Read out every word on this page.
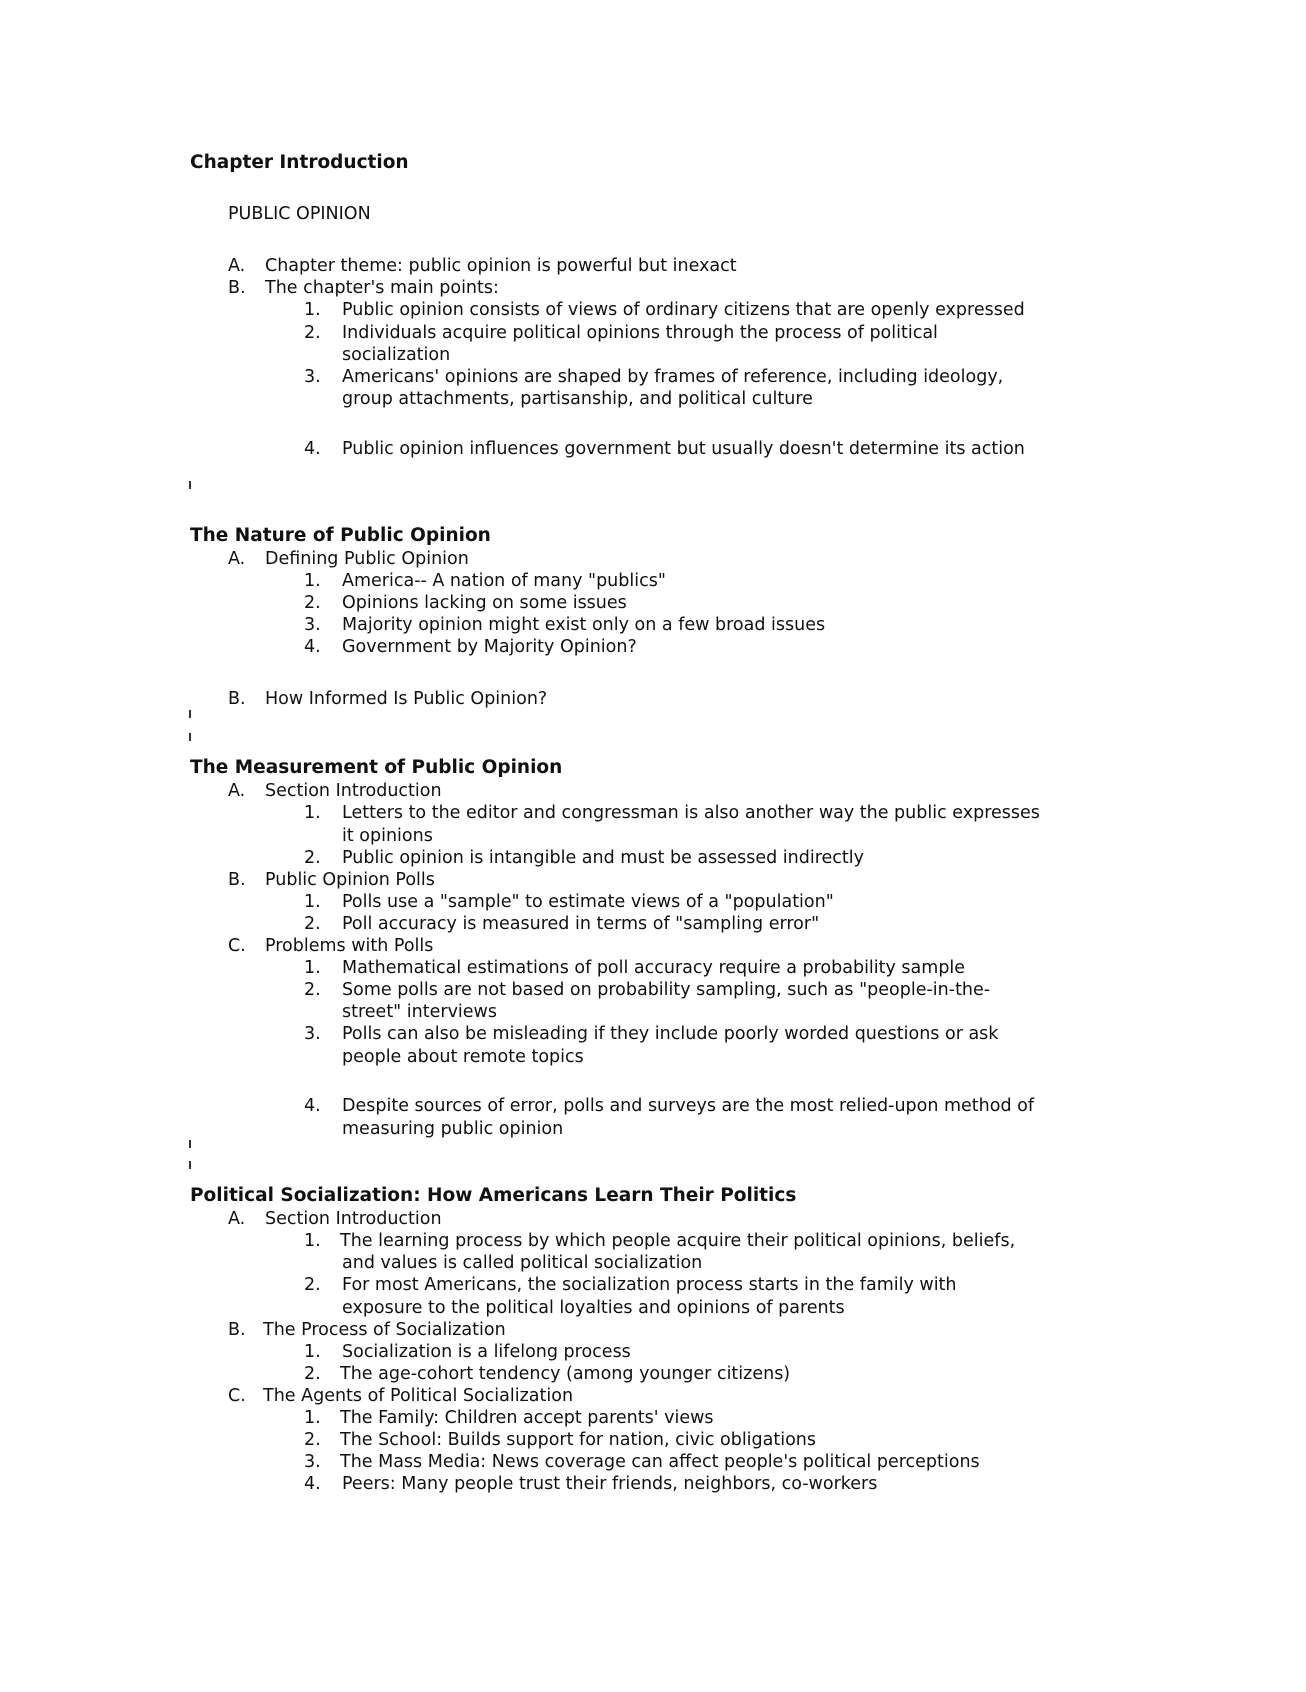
Chapter Introduction
PUBLIC OPINION
A. Chapter theme: public opinion is powerful but inexact
B. The chapter's main points:
1. Public opinion consists of views of ordinary citizens that are openly expressed
2. Individuals acquire political opinions through the process of political
socialization
3. Americans' opinions are shaped by frames of reference, including ideology,
group attachments, partisanship, and political culture
4. Public opinion influences government but usually doesn't determine its action
The Nature of Public Opinion
A. Defining Public Opinion
1. America-- A nation of many "publics"
2. Opinions lacking on some issues
3. Majority opinion might exist only on a few broad issues
4. Government by Majority Opinion?
B. How Informed Is Public Opinion?
The Measurement of Public Opinion
A. Section Introduction
1. Letters to the editor and congressman is also another way the public expresses
it opinions
2. Public opinion is intangible and must be assessed indirectly
B. Public Opinion Polls
1. Polls use a "sample" to estimate views of a "population"
2. Poll accuracy is measured in terms of "sampling error"
C. Problems with Polls
1. Mathematical estimations of poll accuracy require a probability sample
2. Some polls are not based on probability sampling, such as "people-in-the-
street" interviews
3. Polls can also be misleading if they include poorly worded questions or ask
people about remote topics
4. Despite sources of error, polls and surveys are the most relied-upon method of
measuring public opinion
Political Socialization: How Americans Learn Their Politics
A. Section Introduction
1. The learning process by which people acquire their political opinions, beliefs,
and values is called political socialization
2. For most Americans, the socialization process starts in the family with
exposure to the political loyalties and opinions of parents
B. The Process of Socialization
1. Socialization is a lifelong process
2. The age-cohort tendency (among younger citizens)
C. The Agents of Political Socialization
1. The Family: Children accept parents' views
2. The School: Builds support for nation, civic obligations
3. The Mass Media: News coverage can affect people's political perceptions
4. Peers: Many people trust their friends, neighbors, co-workers
